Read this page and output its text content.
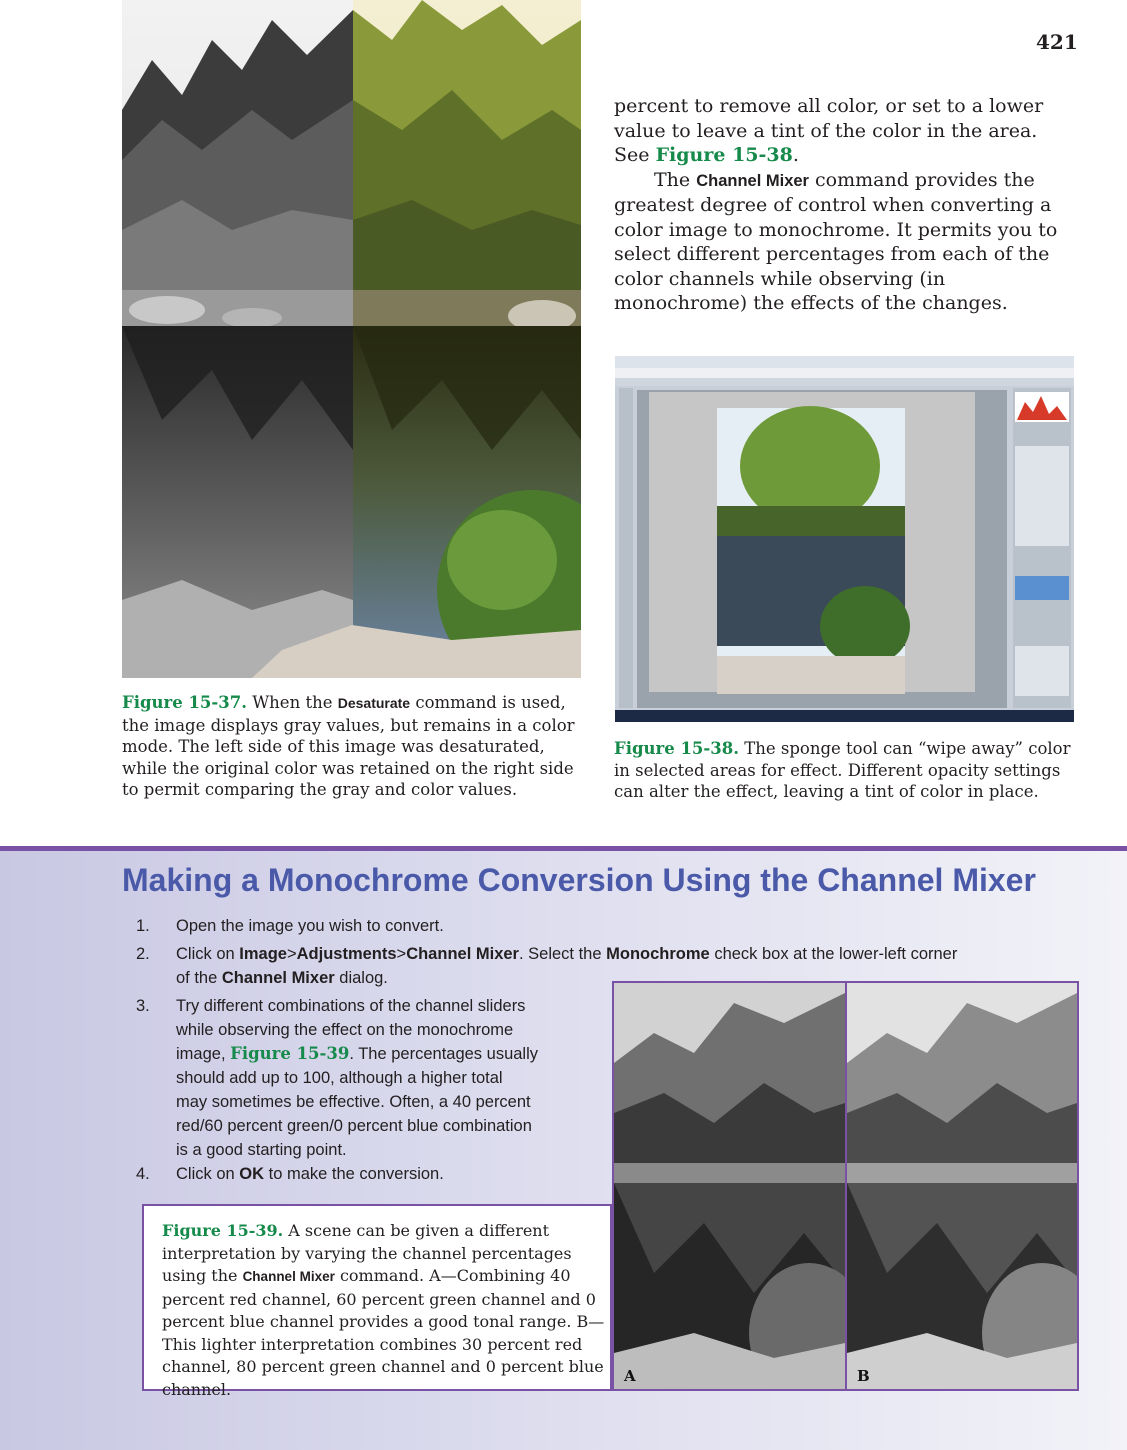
421
Figure 15-37. When the Desaturate command is used, the image displays gray values, but remains in a color mode. The left side of this image was desaturated, while the original color was retained on the right side to permit comparing the gray and color values.

percent to remove all color, or set to a lower value to leave a tint of the color in the area. See Figure 15-38.

The Channel Mixer command provides the greatest degree of control when converting a color image to monochrome. It permits you to select different percentages from each of the color channels while observing (in monochrome) the effects of the changes.

Figure 15-38. The sponge tool can “wipe away” color in selected areas for effect. Different opacity settings can alter the effect, leaving a tint of color in place.
Making a Monochrome Conversion Using the Channel Mixer
1.	Open the image you wish to convert.
2.	Click on Image>Adjustments>Channel Mixer. Select the Monochrome check box at the lower-left corner
of the Channel Mixer dialog.
3.	Try different combinations of the channel sliders
while observing the effect on the monochrome
image, Figure 15-39. The percentages usually
should add up to 100, although a higher total
may sometimes be effective. Often, a 40 percent
red/60 percent green/0 percent blue combination
is a good starting point.
4.	Click on OK to make the conversion.
Figure 15-39. A scene can be given a different interpretation by varying the channel percentages using the Channel Mixer command. A—Combining 40 percent red channel, 60 percent green channel and 0 percent blue channel provides a good tonal range. B—This lighter interpretation combines 30 percent red channel, 80 percent green channel and 0 percent blue channel.
A	B
